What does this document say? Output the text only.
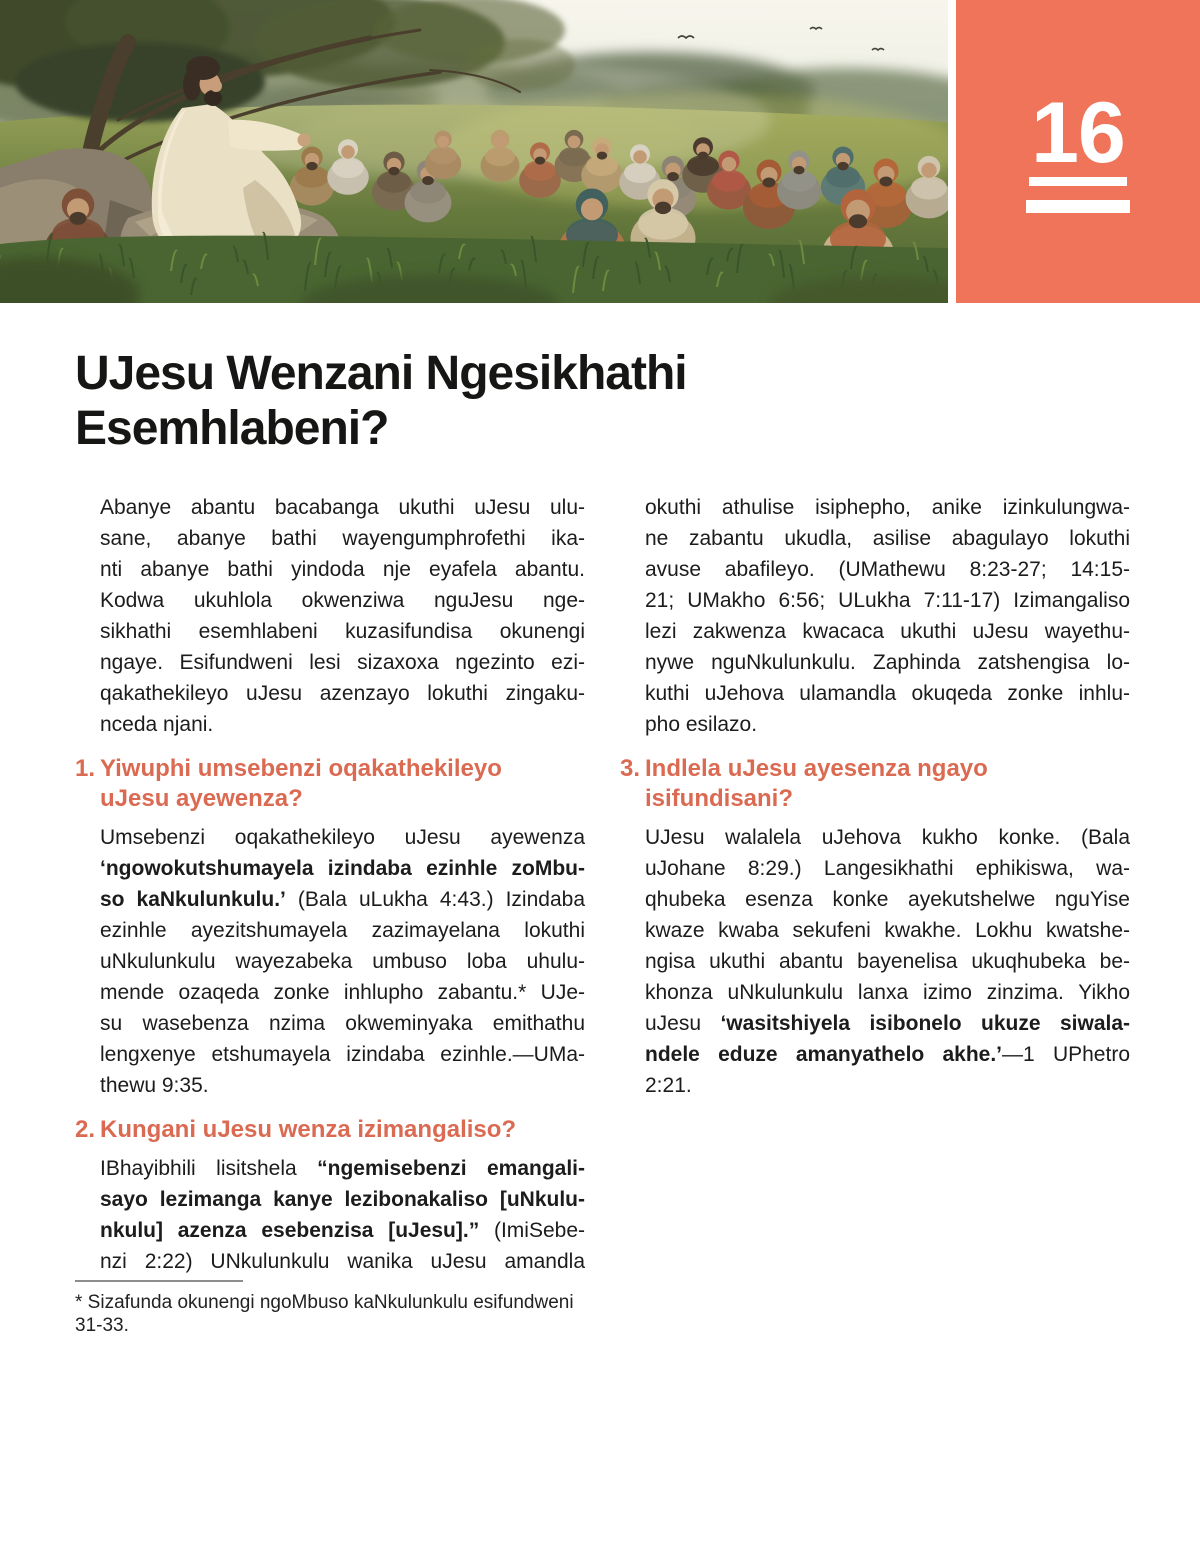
16
UJesu Wenzani Ngesikhathi
Esemhlabeni?
Abanye abantu bacabanga ukuthi uJesu ulu-
sane, abanye bathi wayengumphrofethi ika-
nti abanye bathi yindoda nje eyafela abantu.
Kodwa ukuhlola okwenziwa nguJesu nge-
sikhathi esemhlabeni kuzasifundisa okunengi
ngaye. Esifundweni lesi sizaxoxa ngezinto ezi-
qakathekileyo uJesu azenzayo lokuthi zingaku-
nceda njani.
1. Yiwuphi umsebenzi oqakathekileyo
uJesu ayewenza?
Umsebenzi oqakathekileyo uJesu ayewenza
‘ngowokutshumayela izindaba ezinhle zoMbu-
so kaNkulunkulu.’ (Bala uLukha 4:43.) Izindaba
ezinhle ayezitshumayela zazimayelana lokuthi
uNkulunkulu wayezabeka umbuso loba uhulu-
mende ozaqeda zonke inhlupho zabantu.* UJe-
su wasebenza nzima okweminyaka emithathu
lengxenye etshumayela izindaba ezinhle.—UMa-
thewu 9:35.
2. Kungani uJesu wenza izimangaliso?
IBhayibhili lisitshela “ngemisebenzi emangali-
sayo lezimanga kanye lezibonakaliso [uNkulu-
nkulu] azenza esebenzisa [uJesu].” (ImiSebe-
nzi 2:22) UNkulunkulu wanika uJesu amandla
okuthi athulise isiphepho, anike izinkulungwa-
ne zabantu ukudla, asilise abagulayo lokuthi
avuse abafileyo. (UMathewu 8:23-27; 14:15-
21; UMakho 6:56; ULukha 7:11-17) Izimangaliso
lezi zakwenza kwacaca ukuthi uJesu wayethu-
nywe nguNkulunkulu. Zaphinda zatshengisa lo-
kuthi uJehova ulamandla okuqeda zonke inhlu-
pho esilazo.
3. Indlela uJesu ayesenza ngayo isifundisani?
UJesu walalela uJehova kukho konke. (Bala
uJohane 8:29.) Langesikhathi ephikiswa, wa-
qhubeka esenza konke ayekutshelwe nguYise
kwaze kwaba sekufeni kwakhe. Lokhu kwatshe-
ngisa ukuthi abantu bayenelisa ukuqhubeka be-
khonza uNkulunkulu lanxa izimo zinzima. Yikho
uJesu ‘wasitshiyela isibonelo ukuze siwala-
ndele eduze amanyathelo akhe.’—1 UPhetro
2:21.
* Sizafunda okunengi ngoMbuso kaNkulunkulu esifundweni
31-33.
